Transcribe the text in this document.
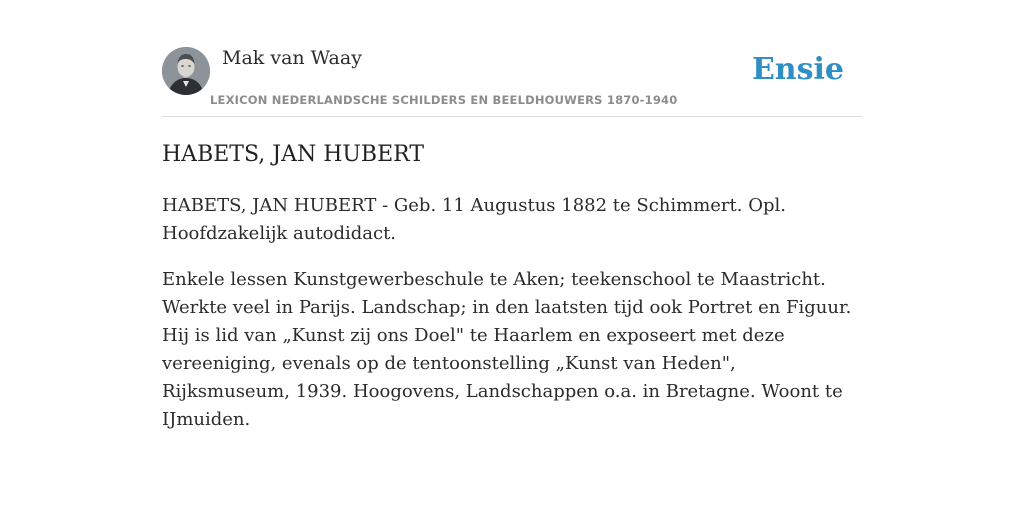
Mak van Waay
LEXICON NEDERLANDSCHE SCHILDERS EN BEELDHOUWERS 1870-1940
Ensie
HABETS, JAN HUBERT

HABETS, JAN HUBERT - Geb. 11 Augustus 1882 te Schimmert. Opl. Hoofdzakelijk autodidact.

Enkele lessen Kunstgewerbeschule te Aken; teekenschool te Maastricht. Werkte veel in Parijs. Landschap; in den laatsten tijd ook Portret en Figuur. Hij is lid van „Kunst zij ons Doel" te Haarlem en exposeert met deze vereeniging, evenals op de tentoonstelling „Kunst van Heden", Rijksmuseum, 1939. Hoogovens, Landschappen o.a. in Bretagne. Woont te IJmuiden.
